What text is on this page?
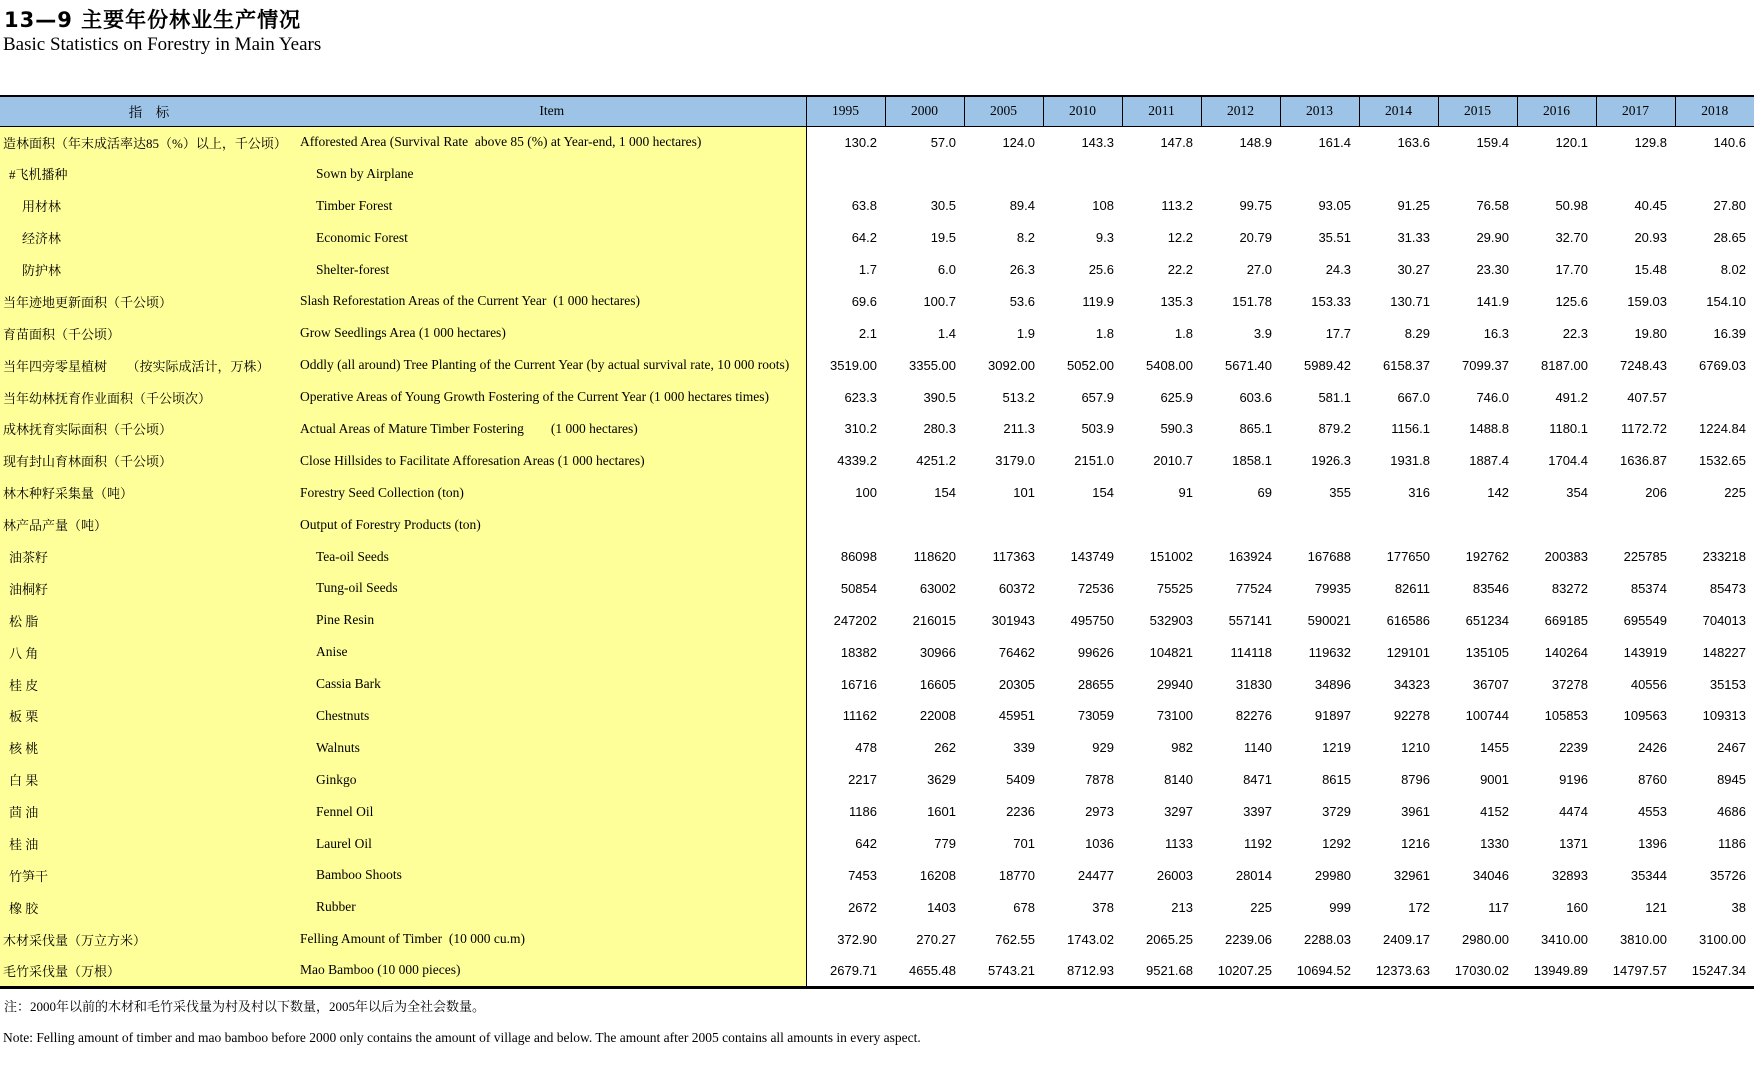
13—9 主要年份林业生产情况
Basic Statistics on Forestry in Main Years
指　标	Item	1995	2000	2005	2010	2011	2012	2013	2014	2015	2016	2017	2018
造林面积（年末成活率达85（%）以上，千公顷）	Afforested Area (Survival Rate  above 85 (%) at Year-end, 1 000 hectares)	130.2	57.0	124.0	143.3	147.8	148.9	161.4	163.6	159.4	120.1	129.8	140.6
#飞机播种	Sown by Airplane												
用材林	Timber Forest	63.8	30.5	89.4	108	113.2	99.75	93.05	91.25	76.58	50.98	40.45	27.80
经济林	Economic Forest	64.2	19.5	8.2	9.3	12.2	20.79	35.51	31.33	29.90	32.70	20.93	28.65
防护林	Shelter-forest	1.7	6.0	26.3	25.6	22.2	27.0	24.3	30.27	23.30	17.70	15.48	8.02
当年迹地更新面积（千公顷）	Slash Reforestation Areas of the Current Year  (1 000 hectares)	69.6	100.7	53.6	119.9	135.3	151.78	153.33	130.71	141.9	125.6	159.03	154.10
育苗面积（千公顷）	Grow Seedlings Area (1 000 hectares)	2.1	1.4	1.9	1.8	1.8	3.9	17.7	8.29	16.3	22.3	19.80	16.39
当年四旁零星植树　　（按实际成活计，万株）	Oddly (all around) Tree Planting of the Current Year (by actual survival rate, 10 000 roots)	3519.00	3355.00	3092.00	5052.00	5408.00	5671.40	5989.42	6158.37	7099.37	8187.00	7248.43	6769.03
当年幼林抚育作业面积（千公顷次）	Operative Areas of Young Growth Fostering of the Current Year (1 000 hectares times)	623.3	390.5	513.2	657.9	625.9	603.6	581.1	667.0	746.0	491.2	407.57	
成林抚育实际面积（千公顷）	Actual Areas of Mature Timber Fostering        (1 000 hectares)	310.2	280.3	211.3	503.9	590.3	865.1	879.2	1156.1	1488.8	1180.1	1172.72	1224.84
现有封山育林面积（千公顷）	Close Hillsides to Facilitate Afforesation Areas (1 000 hectares)	4339.2	4251.2	3179.0	2151.0	2010.7	1858.1	1926.3	1931.8	1887.4	1704.4	1636.87	1532.65
林木种籽采集量（吨）	Forestry Seed Collection (ton)	100	154	101	154	91	69	355	316	142	354	206	225
林产品产量（吨）	Output of Forestry Products (ton)												
油茶籽	Tea-oil Seeds	86098	118620	117363	143749	151002	163924	167688	177650	192762	200383	225785	233218
油桐籽	Tung-oil Seeds	50854	63002	60372	72536	75525	77524	79935	82611	83546	83272	85374	85473
松 脂	Pine Resin	247202	216015	301943	495750	532903	557141	590021	616586	651234	669185	695549	704013
八 角	Anise	18382	30966	76462	99626	104821	114118	119632	129101	135105	140264	143919	148227
桂 皮	Cassia Bark	16716	16605	20305	28655	29940	31830	34896	34323	36707	37278	40556	35153
板 栗	Chestnuts	11162	22008	45951	73059	73100	82276	91897	92278	100744	105853	109563	109313
核 桃	Walnuts	478	262	339	929	982	1140	1219	1210	1455	2239	2426	2467
白 果	Ginkgo	2217	3629	5409	7878	8140	8471	8615	8796	9001	9196	8760	8945
茴 油	Fennel Oil	1186	1601	2236	2973	3297	3397	3729	3961	4152	4474	4553	4686
桂 油	Laurel Oil	642	779	701	1036	1133	1192	1292	1216	1330	1371	1396	1186
竹笋干	Bamboo Shoots	7453	16208	18770	24477	26003	28014	29980	32961	34046	32893	35344	35726
橡 胶	Rubber	2672	1403	678	378	213	225	999	172	117	160	121	38
木材采伐量（万立方米）	Felling Amount of Timber  (10 000 cu.m)	372.90	270.27	762.55	1743.02	2065.25	2239.06	2288.03	2409.17	2980.00	3410.00	3810.00	3100.00
毛竹采伐量（万根）	Mao Bamboo (10 000 pieces)	2679.71	4655.48	5743.21	8712.93	9521.68	10207.25	10694.52	12373.63	17030.02	13949.89	14797.57	15247.34
注：2000年以前的木材和毛竹采伐量为村及村以下数量，2005年以后为全社会数量。
Note: Felling amount of timber and mao bamboo before 2000 only contains the amount of village and below. The amount after 2005 contains all amounts in every aspect.
